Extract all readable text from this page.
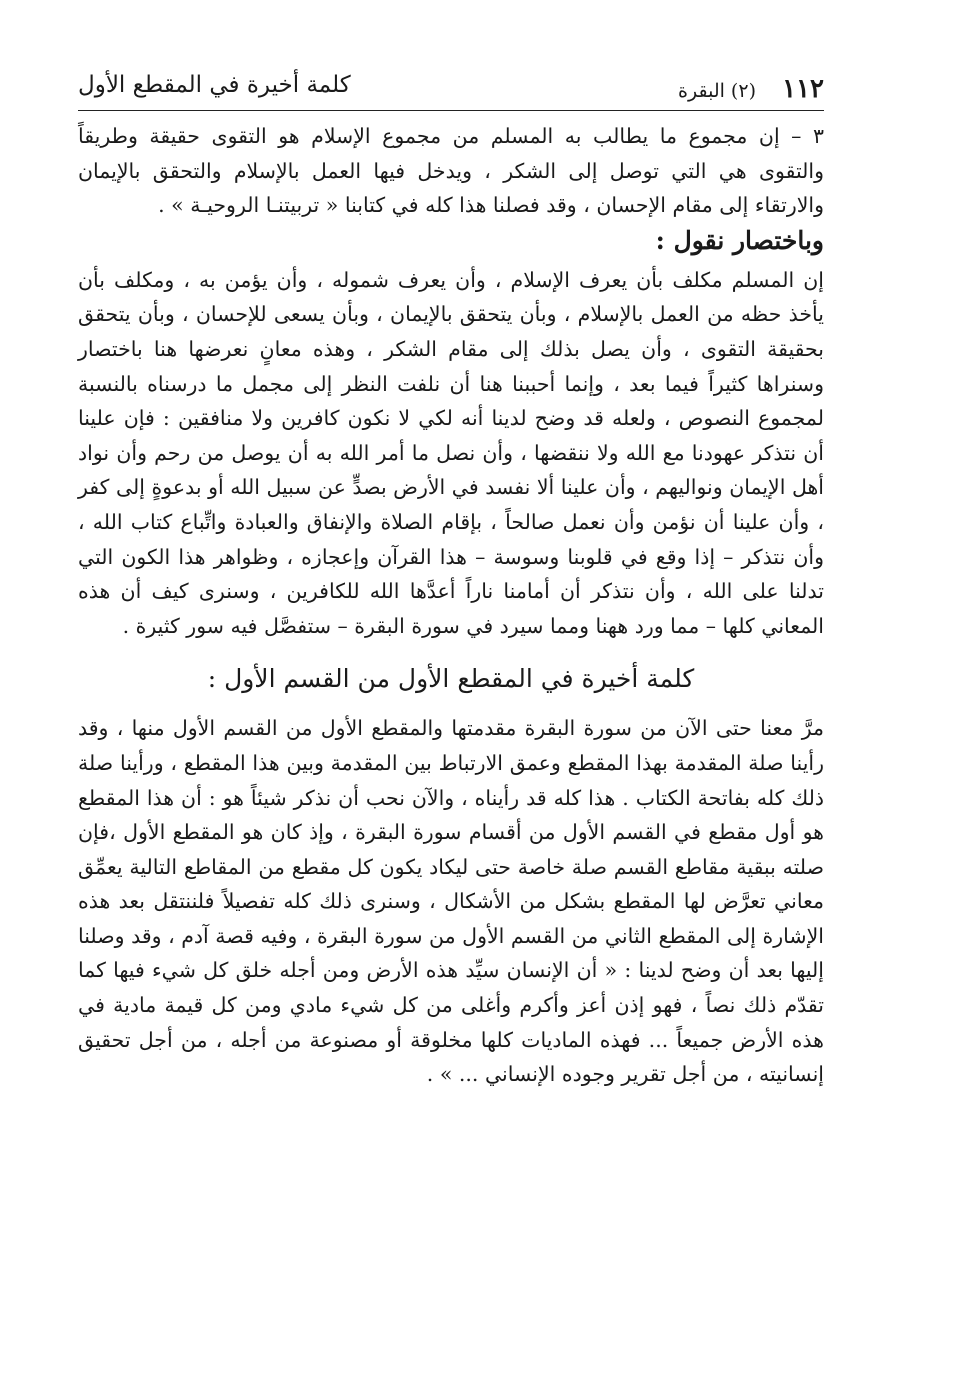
١١٢
(٢) البقرة
كلمة أخيرة في المقطع الأول

٣ – إن مجموع ما يطالب به المسلم من مجموع الإسلام هو التقوى حقيقة وطريقاً والتقوى هي التي توصل إلى الشكر ، ويدخل فيها العمل بالإسلام والتحقق بالإيمان والارتقاء إلى مقام الإحسان ، وقد فصلنا هذا كله في كتابنا « تربيتنـا الروحيـة » .

وباختصار نقول :

إن المسلم مكلف بأن يعرف الإسلام ، وأن يعرف شموله ، وأن يؤمن به ، ومكلف بأن يأخذ حظه من العمل بالإسلام ، وبأن يتحقق بالإيمان ، وبأن يسعى للإحسان ، وبأن يتحقق بحقيقة التقوى ، وأن يصل بذلك إلى مقام الشكر ، وهذه معانٍ نعرضها هنا باختصار وسنراها كثيراً فيما بعد ، وإنما أحببنا هنا أن نلفت النظر إلى مجمل ما درسناه بالنسبة لمجموع النصوص ، ولعله قد وضح لدينا أنه لكي لا نكون كافرين ولا منافقين : فإن علينا أن نتذكر عهودنا مع الله ولا ننقضها ، وأن نصل ما أمر الله به أن يوصل من رحم وأن نواد أهل الإيمان ونواليهم ، وأن علينا ألا نفسد في الأرض بصدٍّ عن سبيل الله أو بدعوةٍ إلى كفر ، وأن علينا أن نؤمن وأن نعمل صالحاً ، بإقام الصلاة والإنفاق والعبادة واتِّباع كتاب الله ، وأن نتذكر – إذا وقع في قلوبنا وسوسة – هذا القرآن وإعجازه ، وظواهر هذا الكون التي تدلنا على الله ، وأن نتذكر أن أمامنا ناراً أعدَّها الله للكافرين ، وسنرى كيف أن هذه المعاني كلها – مما ورد ههنا ومما سيرد في سورة البقرة – ستفصَّل فيه سور كثيرة .

كلمة أخيرة في المقطع الأول من القسم الأول :

مرَّ معنا حتى الآن من سورة البقرة مقدمتها والمقطع الأول من القسم الأول منها ، وقد رأينا صلة المقدمة بهذا المقطع وعمق الارتباط بين المقدمة وبين هذا المقطع ، ورأينا صلة ذلك كله بفاتحة الكتاب . هذا كله قد رأيناه ، والآن نحب أن نذكر شيئاً هو : أن هذا المقطع هو أول مقطع في القسم الأول من أقسام سورة البقرة ، وإذ كان هو المقطع الأول ،فإن صلته ببقية مقاطع القسم صلة خاصة حتى ليكاد يكون كل مقطع من المقاطع التالية يعمِّق معاني تعرَّض لها المقطع بشكل من الأشكال ، وسنرى ذلك كله تفصيلاً فلننتقل بعد هذه الإشارة إلى المقطع الثاني من القسم الأول من سورة البقرة ، وفيه قصة آدم ، وقد وصلنا إليها بعد أن وضح لدينا : « أن الإنسان سيِّد هذه الأرض ومن أجله خلق كل شيء فيها كما تقدّم ذلك نصاً ، فهو إذن أعز وأكرم وأغلى من كل شيء مادي ومن كل قيمة مادية في هذه الأرض جميعاً ... فهذه الماديات كلها مخلوقة أو مصنوعة من أجله ، من أجل تحقيق إنسانيته ، من أجل تقرير وجوده الإنساني ... » .
